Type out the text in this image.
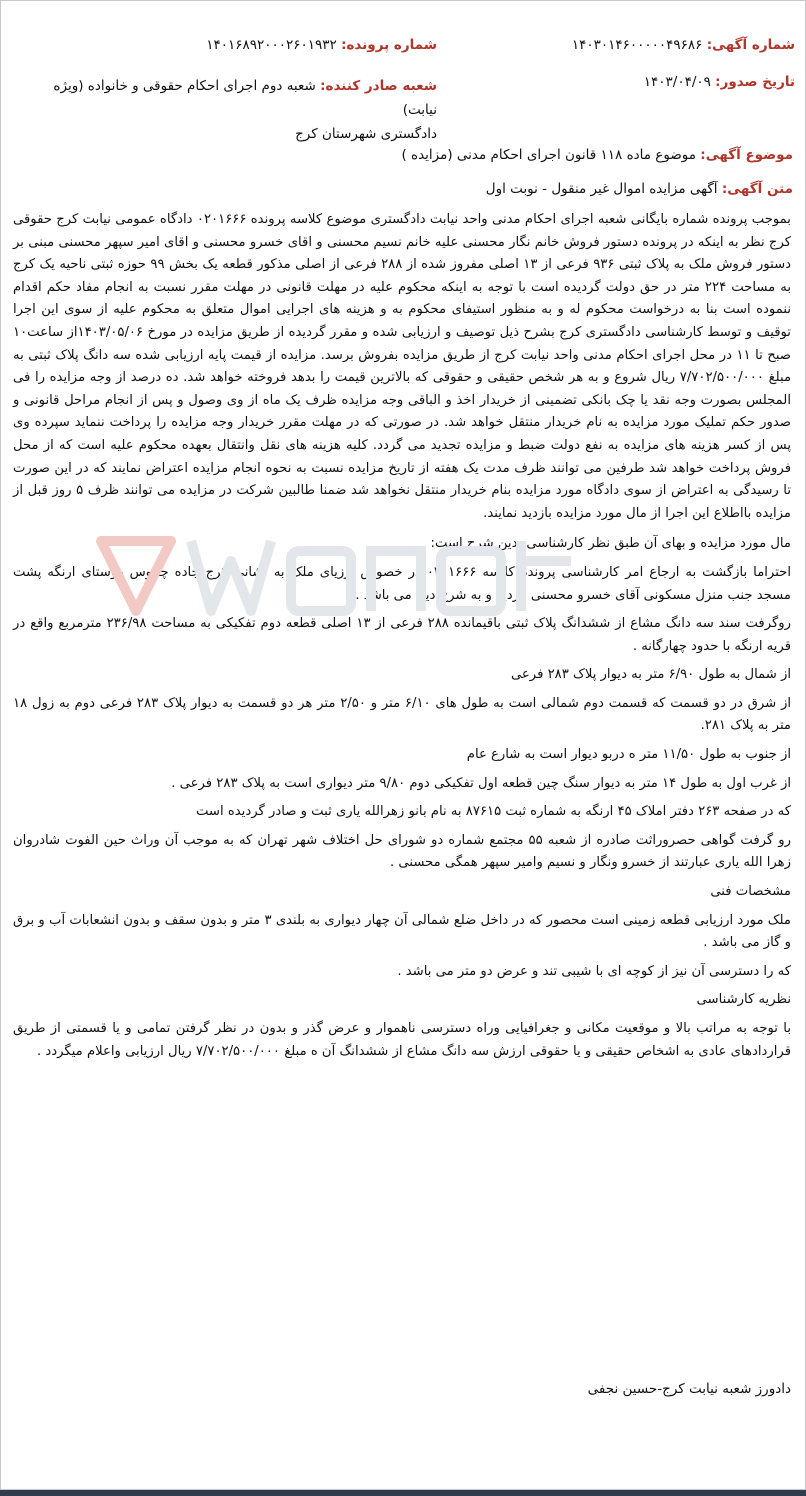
شماره آگهی: ۱۴۰۳۰۱۴۶۰۰۰۰۰۴۹۶۸۶
شماره پرونده: ۱۴۰۱۶۸۹۲۰۰۰۲۶۰۱۹۳۲
تاریخ صدور: ۱۴۰۳/۰۴/۰۹
شعبه صادر کننده: شعبه دوم اجرای احکام حقوقی و خانواده (ویژه نیابت)
دادگستری شهرستان کرج
موضوع آگهی: موضوع ماده ۱۱۸ قانون اجرای احکام مدنی (مزایده )
متن آگهی: آگهی مزایده اموال غیر منقول - نوبت اول

بموجب پرونده شماره بایگانی شعبه اجرای احکام مدنی واحد نیابت دادگستری موضوع کلاسه پرونده ۰۲۰۱۶۶۶ دادگاه عمومی نیابت کرج حقوقی کرج نظر به اینکه در پرونده دستور فروش خانم نگار محسنی علیه خانم نسیم محسنی و اقای خسرو محسنی و اقای امیر سپهر محسنی مبنی بر دستور فروش ملک به پلاک ثبتی ۹۳۶ فرعی از ۱۳ اصلی مفروز شده از ۲۸۸ فرعی از اصلی مذکور قطعه یک بخش ۹۹ حوزه ثبتی ناحیه یک کرج به مساحت ۲۲۴ متر در حق دولت گردیده است با توجه به اینکه محکوم علیه در مهلت قانونی در مهلت مقرر نسبت به انجام مفاد حکم اقدام ننموده است بنا به درخواست محکوم له و به منظور استیفای محکوم به و هزینه های اجرایی اموال متعلق به محکوم علیه از سوی این اجرا توقیف و توسط کارشناسی دادگستری کرج بشرح ذیل توصیف و ارزیابی شده و مقرر گردیده از طریق مزایده در مورخ ۱۴۰۳/۰۵/۰۶از ساعت۱۰ صبح تا ۱۱ در محل اجرای احکام مدنی واحد نیابت کرج از طریق مزایده بفروش برسد. مزایده از قیمت پایه ارزیابی شده سه دانگ پلاک ثبتی به مبلغ ۷/۷۰۲/۵۰۰/۰۰۰ ریال شروع و به هر شخص حقیقی و حقوقی که بالاترین قیمت را بدهد فروخته خواهد شد. ده درصد از وجه مزایده را فی المجلس بصورت وجه نقد یا چک بانکی تضمینی از خریدار اخذ و الباقی وجه مزایده ظرف یک ماه از وی وصول و پس از انجام مراحل قانونی و صدور حکم تملیک مورد مزایده به نام خریدار منتقل خواهد شد. در صورتی که در مهلت مقرر خریدار وجه مزایده را پرداخت ننماید سپرده وی پس از کسر هزینه های مزایده به نفع دولت ضبط و مزایده تجدید می گردد. کلیه هزینه های نقل وانتقال بعهده محکوم علیه است که از محل فروش پرداخت خواهد شد طرفین می توانند ظرف مدت یک هفته از تاریخ مزایده نسبت به نحوه انجام مزایده اعتراض نمایند که در این صورت تا رسیدگی به اعتراض از سوی دادگاه مورد مزایده بنام خریدار منتقل نخواهد شد ضمنا طالبین شرکت در مزایده می توانند ظرف ۵ روز قبل از مزایده بااطلاع این اجرا از مال مورد مزایده بازدید نمایند.

مال مورد مزایده و بهای آن طبق نظر کارشناسی بدین شرح است:

احتراما بازگشت به ارجاع امر کارشناسی پرونده کلاسه ۰۲۰۱۶۶۶ در خصوص ارزیای ملک به نشانی کرج جاده چالوس روستای ارنگه پشت مسجد جنب منزل مسکونی آقای خسرو محسنی بازدید و به شرح دیل می باشد .

روگرفت سند سه دانگ مشاع از ششدانگ پلاک ثبتی باقیمانده ۲۸۸ فرعی از ۱۳ اصلی قطعه دوم تفکیکی به مساحت ۲۳۶/۹۸ مترمربع واقع در قریه ارنگه با حدود چهارگانه .

از شمال به طول ۶/۹۰ متر به دیوار پلاک ۲۸۳ فرعی

از شرق در دو قسمت که قسمت دوم شمالی است به طول های ۶/۱۰ متر و ۲/۵۰ متر هر دو قسمت به دیوار پلاک ۲۸۳ فرعی دوم به زول ۱۸ متر به پلاک ۲۸۱.

از جنوب به طول ۱۱/۵۰ متر ه دربو دیوار است به شارع عام

از غرب اول به طول ۱۴ متر به دیوار سنگ چین قطعه اول تفکیکی دوم ۹/۸۰ متر دیواری است به پلاک ۲۸۳ فرعی .

که در صفحه ۲۶۳ دفتر املاک ۴۵ ارنگه به شماره ثبت ۸۷۶۱۵ به نام بانو زهرالله یاری ثبت و صادر گردیده است

رو گرفت گواهی حصروراثت صادره از شعبه ۵۵ مجتمع شماره دو شورای حل اختلاف شهر تهران که به موجب آن وراث حین الفوت شادروان زهرا الله یاری عبارتند از خسرو ونگار و نسیم وامیر سپهر همگی محسنی .

مشخصات فنی

ملک مورد ارزیابی قطعه زمینی است محصور که در داخل ضلع شمالی آن چهار دیواری به بلندی ۳ متر و بدون سقف و بدون انشعابات آب و برق و گاز می باشد .

که را دسترسی آن نیز از کوچه ای با شیبی تند و عرض دو متر می باشد .

نظریه کارشناسی

با توجه به مراتب بالا و موقعیت مکانی و جغرافیایی وراه دسترسی ناهموار و عرض گذر و بدون در نظر گرفتن تمامی و یا قسمتی از طریق قراردادهای عادی به اشخاص حقیقی و یا حقوقی ارزش سه دانگ مشاع از ششدانگ آن ه مبلغ ۷/۷۰۲/۵۰۰/۰۰۰ ریال ارزیابی واعلام میگردد .

دادورز شعبه نیابت کرج-حسین نجفی
